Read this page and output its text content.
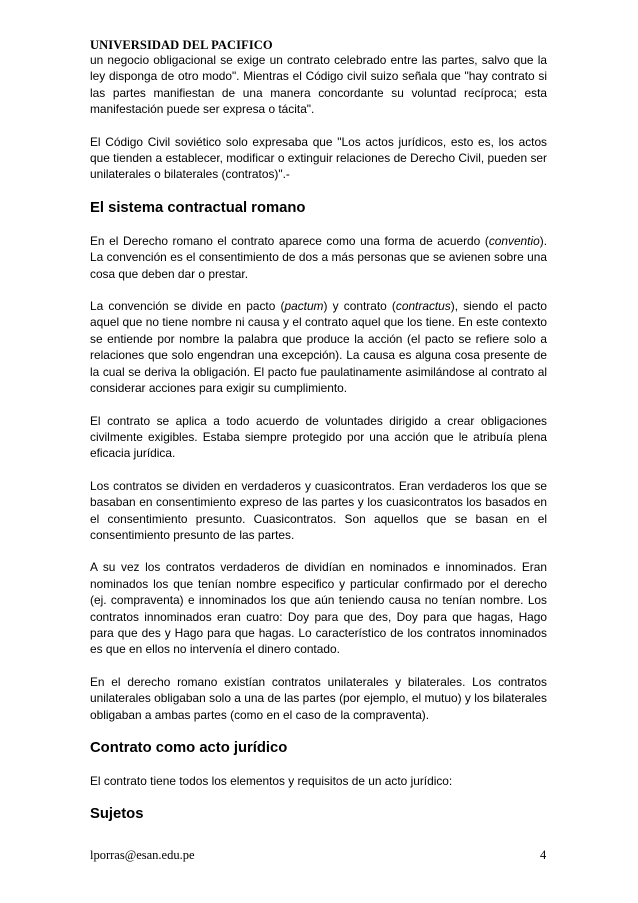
UNIVERSIDAD DEL PACIFICO

un negocio obligacional se exige un contrato celebrado entre las partes, salvo que la ley disponga de otro modo". Mientras el Código civil suizo señala que "hay contrato si las partes manifiestan de una manera concordante su voluntad recíproca; esta manifestación puede ser expresa o tácita".

El Código Civil soviético solo expresaba que "Los actos jurídicos, esto es, los actos que tienden a establecer, modificar o extinguir relaciones de Derecho Civil, pueden ser unilaterales o bilaterales (contratos)".-

El sistema contractual romano

En el Derecho romano el contrato aparece como una forma de acuerdo (conventio). La convención es el consentimiento de dos a más personas que se avienen sobre una cosa que deben dar o prestar.

La convención se divide en pacto (pactum) y contrato (contractus), siendo el pacto aquel que no tiene nombre ni causa y el contrato aquel que los tiene. En este contexto se entiende por nombre la palabra que produce la acción (el pacto se refiere solo a relaciones que solo engendran una excepción). La causa es alguna cosa presente de la cual se deriva la obligación. El pacto fue paulatinamente asimilándose al contrato al considerar acciones para exigir su cumplimiento.

El contrato se aplica a todo acuerdo de voluntades dirigido a crear obligaciones civilmente exigibles. Estaba siempre protegido por una acción que le atribuía plena eficacia jurídica.

Los contratos se dividen en verdaderos y cuasicontratos. Eran verdaderos los que se basaban en consentimiento expreso de las partes y los cuasicontratos los basados en el consentimiento presunto. Cuasicontratos. Son aquellos que se basan en el consentimiento presunto de las partes.

A su vez los contratos verdaderos de dividían en nominados e innominados. Eran nominados los que tenían nombre especifico y particular confirmado por el derecho (ej. compraventa) e innominados los que aún teniendo causa no tenían nombre. Los contratos innominados eran cuatro: Doy para que des, Doy para que hagas, Hago para que des y Hago para que hagas. Lo característico de los contratos innominados es que en ellos no intervenía el dinero contado.

En el derecho romano existían contratos unilaterales y bilaterales. Los contratos unilaterales obligaban solo a una de las partes (por ejemplo, el mutuo) y los bilaterales obligaban a ambas partes (como en el caso de la compraventa).

Contrato como acto jurídico

El contrato tiene todos los elementos y requisitos de un acto jurídico:

Sujetos
lporras@esan.edu.pe	4
